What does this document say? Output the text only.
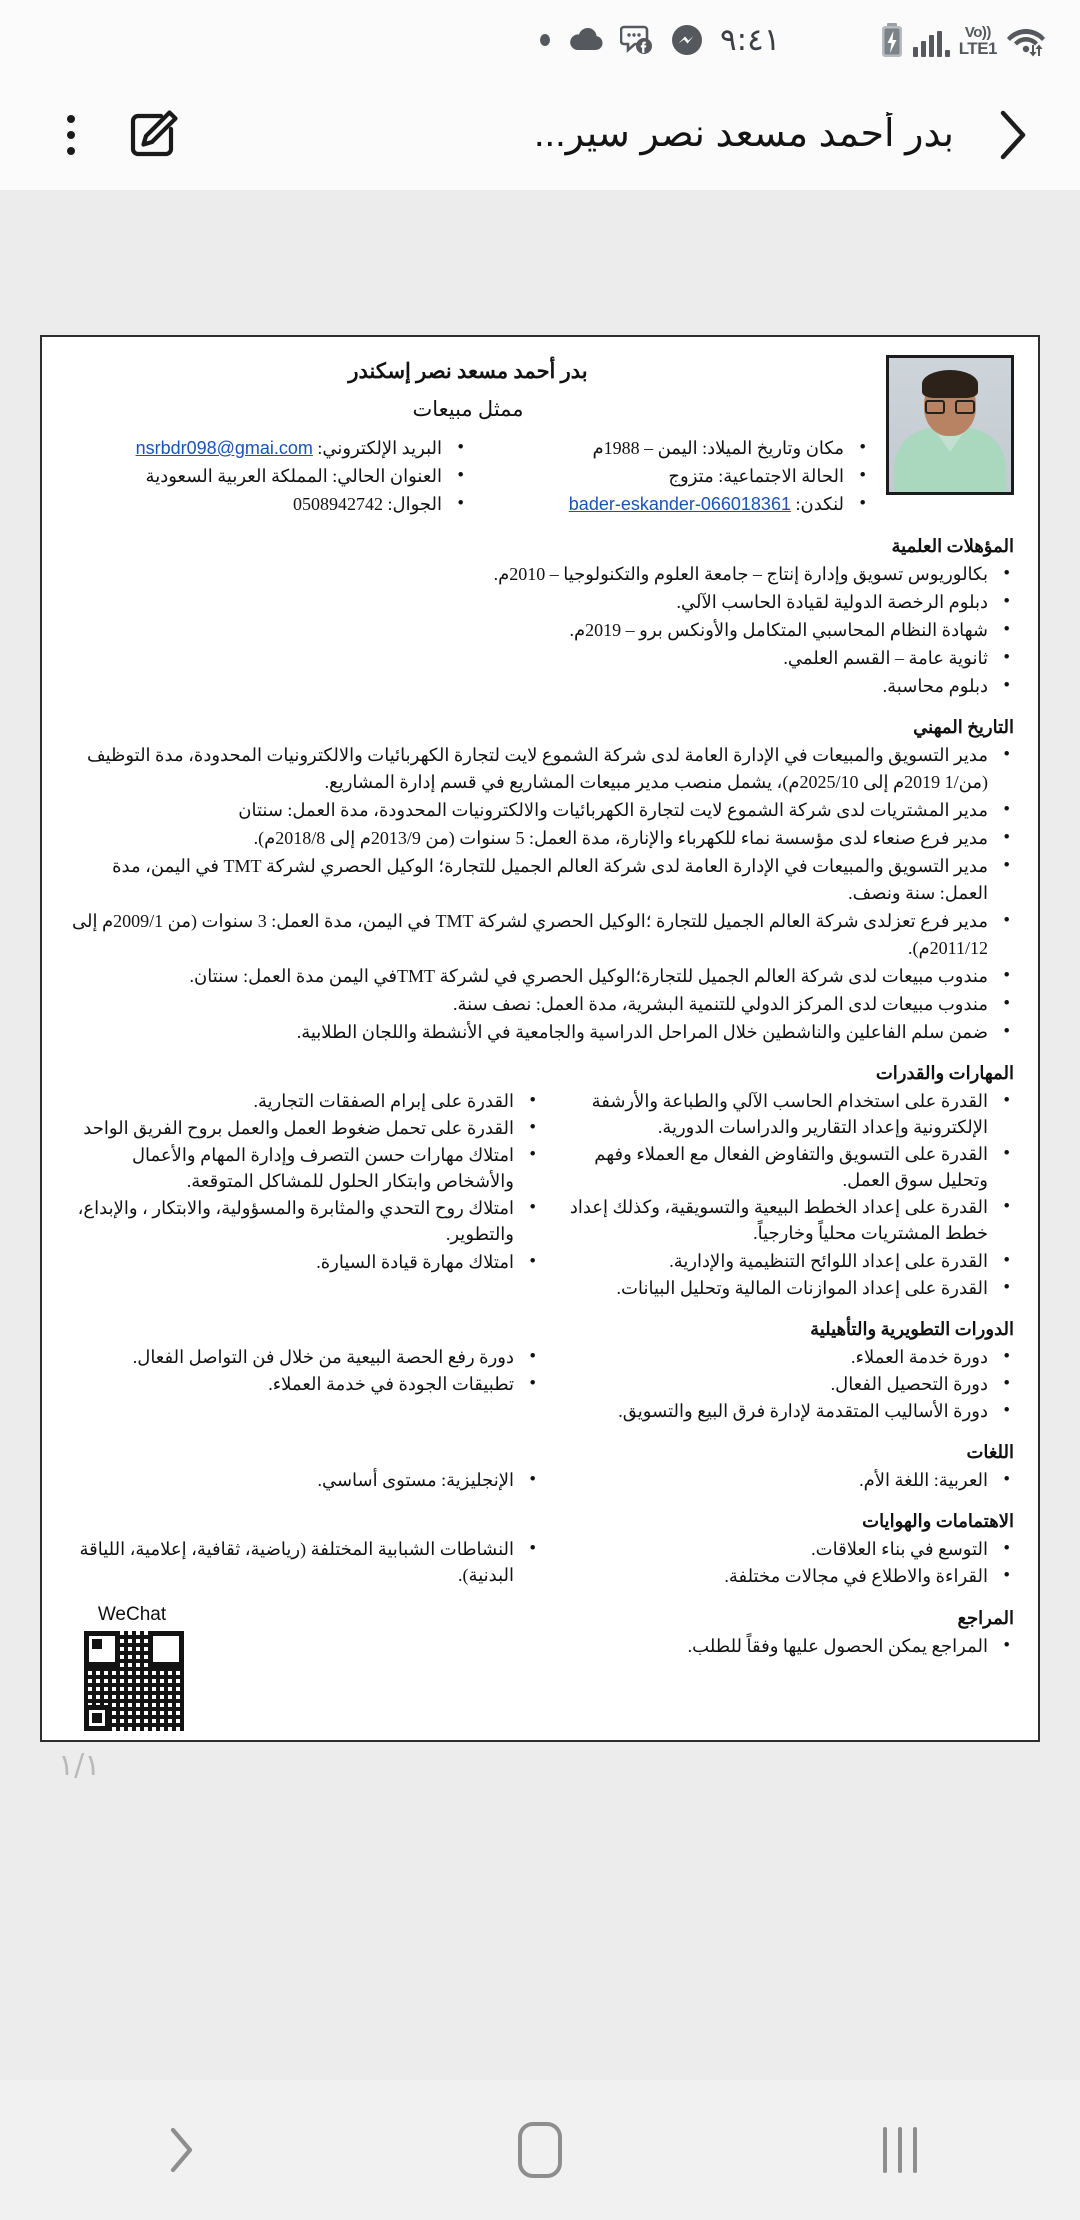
Vo))
LTE1
٩:٤١
بدر أحمد مسعد نصر سير...
بدر أحمد مسعد نصر إسكندر
ممثل مبيعات
• مكان وتاريخ الميلاد: اليمن – 1988م
• الحالة الاجتماعية: متزوج
• لنكدن: bader-eskander-066018361
• البريد الإلكتروني: nsrbdr098@gmai.com
• العنوان الحالي: المملكة العربية السعودية
• الجوال: 0508942742
المؤهلات العلمية
• بكالوريوس تسويق وإدارة إنتاج – جامعة العلوم والتكنولوجيا – 2010م.
• دبلوم الرخصة الدولية لقيادة الحاسب الآلي.
• شهادة النظام المحاسبي المتكامل والأونكس برو – 2019م.
• ثانوية عامة – القسم العلمي.
• دبلوم محاسبة.
التاريخ المهني
• مدير التسويق والمبيعات في الإدارة العامة لدى شركة الشموع لايت لتجارة الكهربائيات والالكترونيات المحدودة، مدة التوظيف (من/1 2019م إلى 2025/10م)، يشمل منصب مدير مبيعات المشاريع في قسم إدارة المشاريع.
• مدير المشتريات لدى شركة الشموع لايت لتجارة الكهربائيات والالكترونيات المحدودة، مدة العمل: سنتان
• مدير فرع صنعاء لدى مؤسسة نماء للكهرباء والإنارة، مدة العمل: 5 سنوات (من 2013/9م إلى 2018/8م).
• مدير التسويق والمبيعات في الإدارة العامة لدى شركة العالم الجميل للتجارة؛ الوكيل الحصري لشركة TMT في اليمن، مدة العمل: سنة ونصف.
• مدير فرع تعزلدى شركة العالم الجميل للتجارة ؛الوكيل الحصري لشركة TMT في اليمن، مدة العمل: 3 سنوات (من 2009/1م إلى 2011/12م).
• مندوب مبيعات لدى شركة العالم الجميل للتجارة؛الوكيل الحصري في لشركة TMTفي اليمن مدة العمل: سنتان.
• مندوب مبيعات لدى المركز الدولي للتنمية البشرية، مدة العمل: نصف سنة.
• ضمن سلم الفاعلين والناشطين خلال المراحل الدراسية والجامعية في الأنشطة واللجان الطلابية.
المهارات والقدرات
• القدرة على استخدام الحاسب الآلي والطباعة والأرشفة الإلكترونية وإعداد التقارير والدراسات الدورية.
• القدرة على التسويق والتفاوض الفعال مع العملاء وفهم وتحليل سوق العمل.
• القدرة على إعداد الخطط البيعية والتسويقية، وكذلك إعداد خطط المشتريات محلياً وخارجياً.
• القدرة على إعداد اللوائح التنظيمية والإدارية.
• القدرة على إعداد الموازنات المالية وتحليل البيانات.
• القدرة على إبرام الصفقات التجارية.
• القدرة على تحمل ضغوط العمل والعمل بروح الفريق الواحد
• امتلاك مهارات حسن التصرف وإدارة المهام والأعمال والأشخاص وابتكار الحلول للمشاكل المتوقعة.
• امتلاك روح التحدي والمثابرة والمسؤولية، والابتكار ، والإبداع، والتطوير.
• امتلاك مهارة قيادة السيارة.
الدورات التطويرية والتأهيلية
• دورة خدمة العملاء.
• دورة التحصيل الفعال.
• دورة الأساليب المتقدمة لإدارة فرق البيع والتسويق.
• دورة رفع الحصة البيعية من خلال فن التواصل الفعال.
• تطبيقات الجودة في خدمة العملاء.
اللغات
• العربية: اللغة الأم.
• الإنجليزية: مستوى أساسي.
الاهتمامات والهوايات
• التوسع في بناء العلاقات.
• القراءة والاطلاع في مجالات مختلفة.
• النشاطات الشبابية المختلفة (رياضية، ثقافية، إعلامية، اللياقة البدنية).
WeChat	المراجع
• المراجع يمكن الحصول عليها وفقاً للطلب.
١/١
